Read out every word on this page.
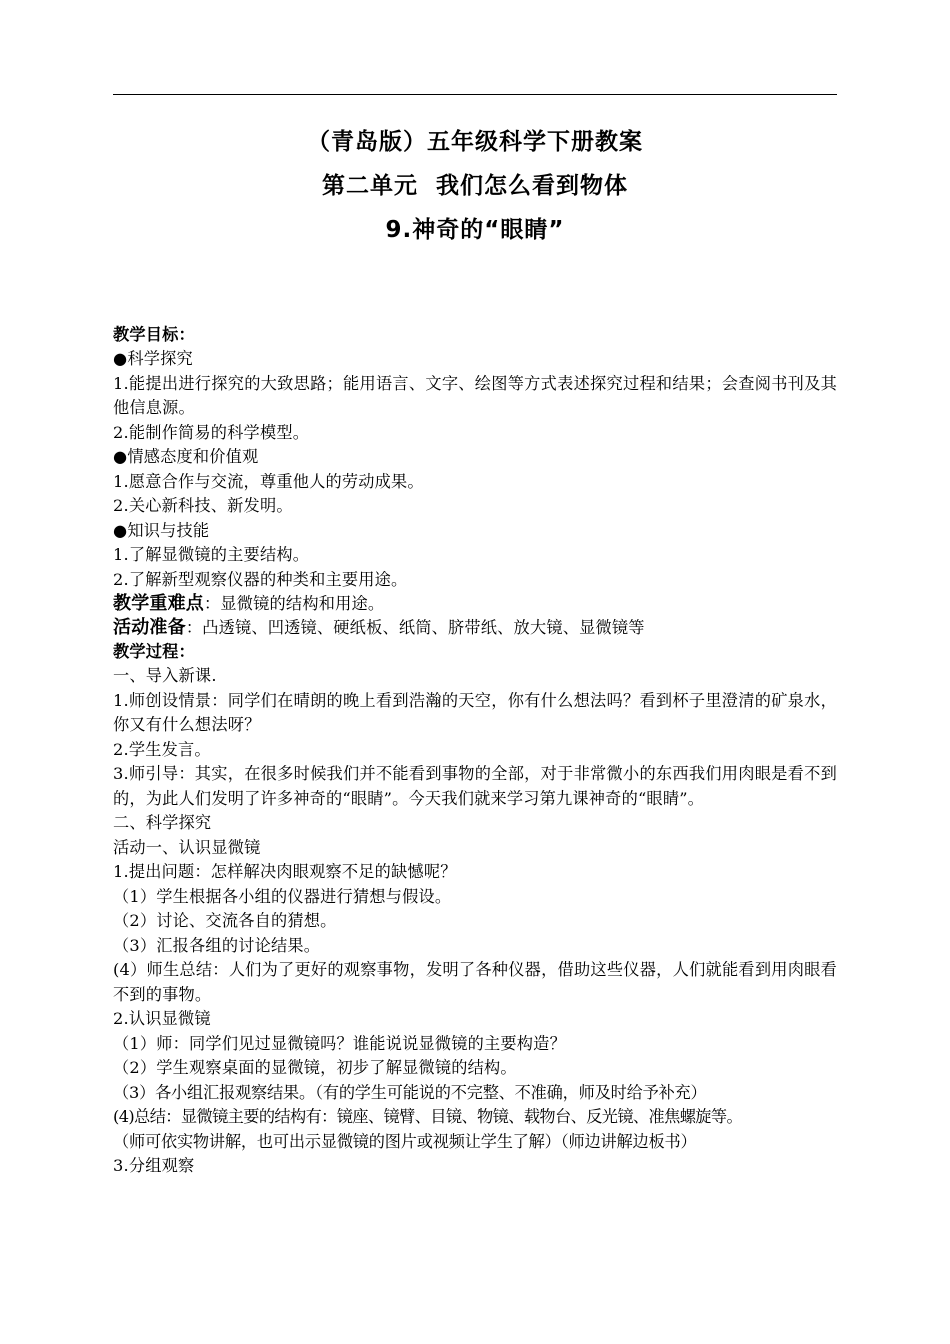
（青岛版）五年级科学下册教案
第二单元  我们怎么看到物体
9.神奇的“眼睛”
教学目标：
●科学探究
1.能提出进行探究的大致思路；能用语言、文字、绘图等方式表述探究过程和结果；会查阅书刊及其他信息源。
2.能制作简易的科学模型。
●情感态度和价值观
1.愿意合作与交流，尊重他人的劳动成果。
2.关心新科技、新发明。
●知识与技能
1.了解显微镜的主要结构。
2.了解新型观察仪器的种类和主要用途。
教学重难点：显微镜的结构和用途。
活动准备：凸透镜、凹透镜、硬纸板、纸筒、脐带纸、放大镜、显微镜等
教学过程：
一、导入新课.
1.师创设情景：同学们在晴朗的晚上看到浩瀚的天空，你有什么想法吗？看到杯子里澄清的矿泉水，你又有什么想法呀？
2.学生发言。
3.师引导：其实，在很多时候我们并不能看到事物的全部，对于非常微小的东西我们用肉眼是看不到的，为此人们发明了许多神奇的“眼睛”。今天我们就来学习第九课神奇的“眼睛”。
二、科学探究
活动一、认识显微镜
1.提出问题：怎样解决肉眼观察不足的缺憾呢？
（1）学生根据各小组的仪器进行猜想与假设。
（2）讨论、交流各自的猜想。
（3）汇报各组的讨论结果。
(4）师生总结：人们为了更好的观察事物，发明了各种仪器，借助这些仪器，人们就能看到用肉眼看不到的事物。
2.认识显微镜
（1）师：同学们见过显微镜吗？谁能说说显微镜的主要构造？
（2）学生观察桌面的显微镜，初步了解显微镜的结构。
（3）各小组汇报观察结果。（有的学生可能说的不完整、不准确，师及时给予补充）
(4)总结：显微镜主要的结构有：镜座、镜臂、目镜、物镜、载物台、反光镜、准焦螺旋等。
（师可依实物讲解，也可出示显微镜的图片或视频让学生了解）（师边讲解边板书）
3.分组观察
